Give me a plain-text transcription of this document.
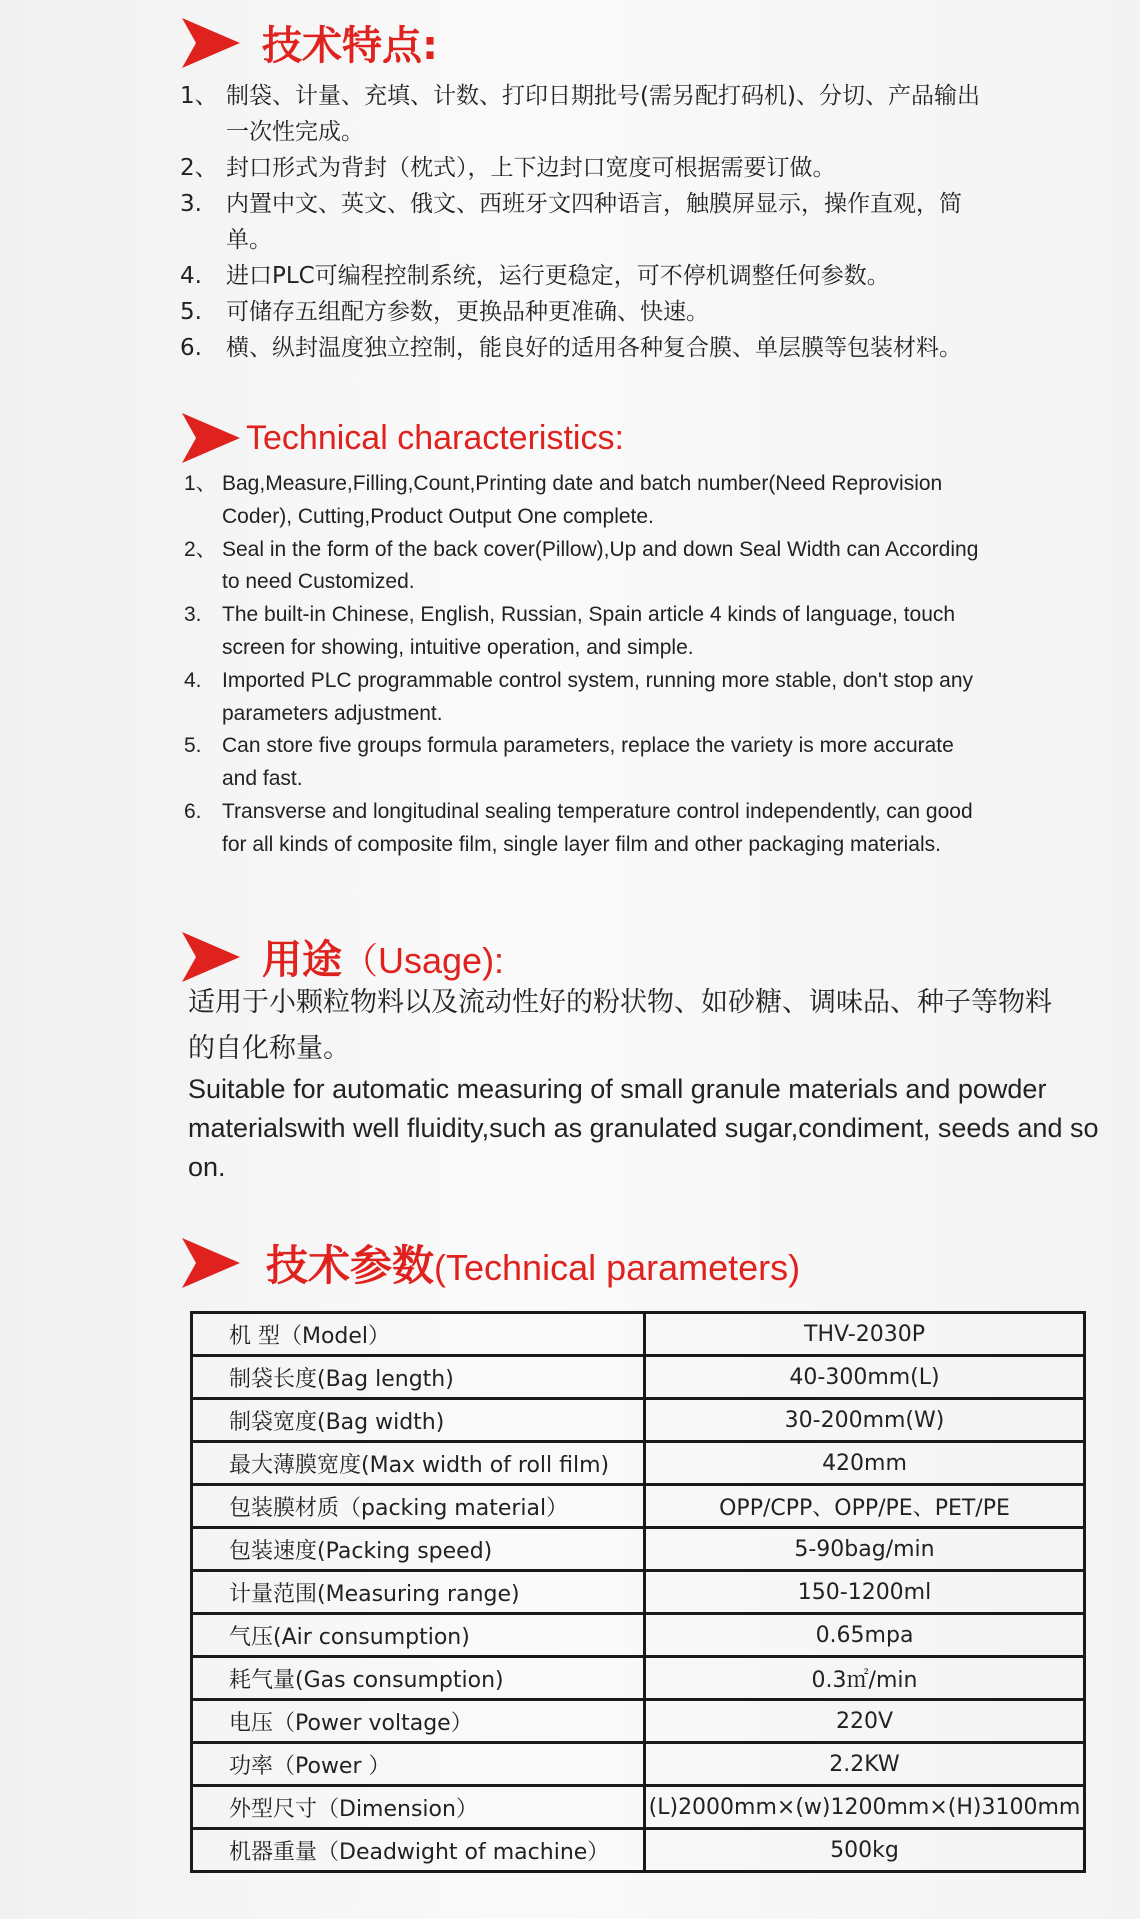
技术特点:
1、 制袋、计量、充填、计数、打印日期批号(需另配打码机)、分切、产品输出一次性完成。
2、 封口形式为背封（枕式），上下边封口宽度可根据需要订做。
3. 内置中文、英文、俄文、西班牙文四种语言，触膜屏显示，操作直观，简单。
4. 进口PLC可编程控制系统，运行更稳定，可不停机调整任何参数。
5. 可储存五组配方参数，更换品种更准确、快速。
6. 横、纵封温度独立控制，能良好的适用各种复合膜、单层膜等包装材料。
Technical characteristics:
1、 Bag,Measure,Filling,Count,Printing date and batch number(Need Reprovision Coder), Cutting,Product Output One complete.
2、 Seal in the form of the back cover(Pillow),Up and down Seal Width can According to need Customized.
3. The built-in Chinese, English, Russian, Spain article 4 kinds of language, touch screen for showing, intuitive operation, and simple.
4. Imported PLC programmable control system, running more stable, don't stop any parameters adjustment.
5. Can store five groups formula parameters, replace the variety is more accurate and fast.
6. Transverse and longitudinal sealing temperature control independently, can good for all kinds of composite film, single layer film and other packaging materials.
用途（Usage):
适用于小颗粒物料以及流动性好的粉状物、如砂糖、调味品、种子等物料的自化称量。
Suitable for automatic measuring of small granule materials and powder materialswith well fluidity,such as granulated sugar,condiment, seeds and so on.
技术参数(Technical parameters)
机 型（Model）	THV-2030P
制袋长度(Bag length)	40-300mm(L)
制袋宽度(Bag width)	30-200mm(W)
最大薄膜宽度(Max width of roll film)	420mm
包装膜材质（packing material）	OPP/CPP、OPP/PE、PET/PE
包装速度(Packing speed)	5-90bag/min
计量范围(Measuring range)	150-1200ml
气压(Air consumption)	0.65mpa
耗气量(Gas consumption)	0.3㎡/min
电压（Power voltage）	220V
功率（Power ）	2.2KW
外型尺寸（Dimension）	(L)2000mm×(w)1200mm×(H)3100mm
机器重量（Deadwight of machine）	500kg
